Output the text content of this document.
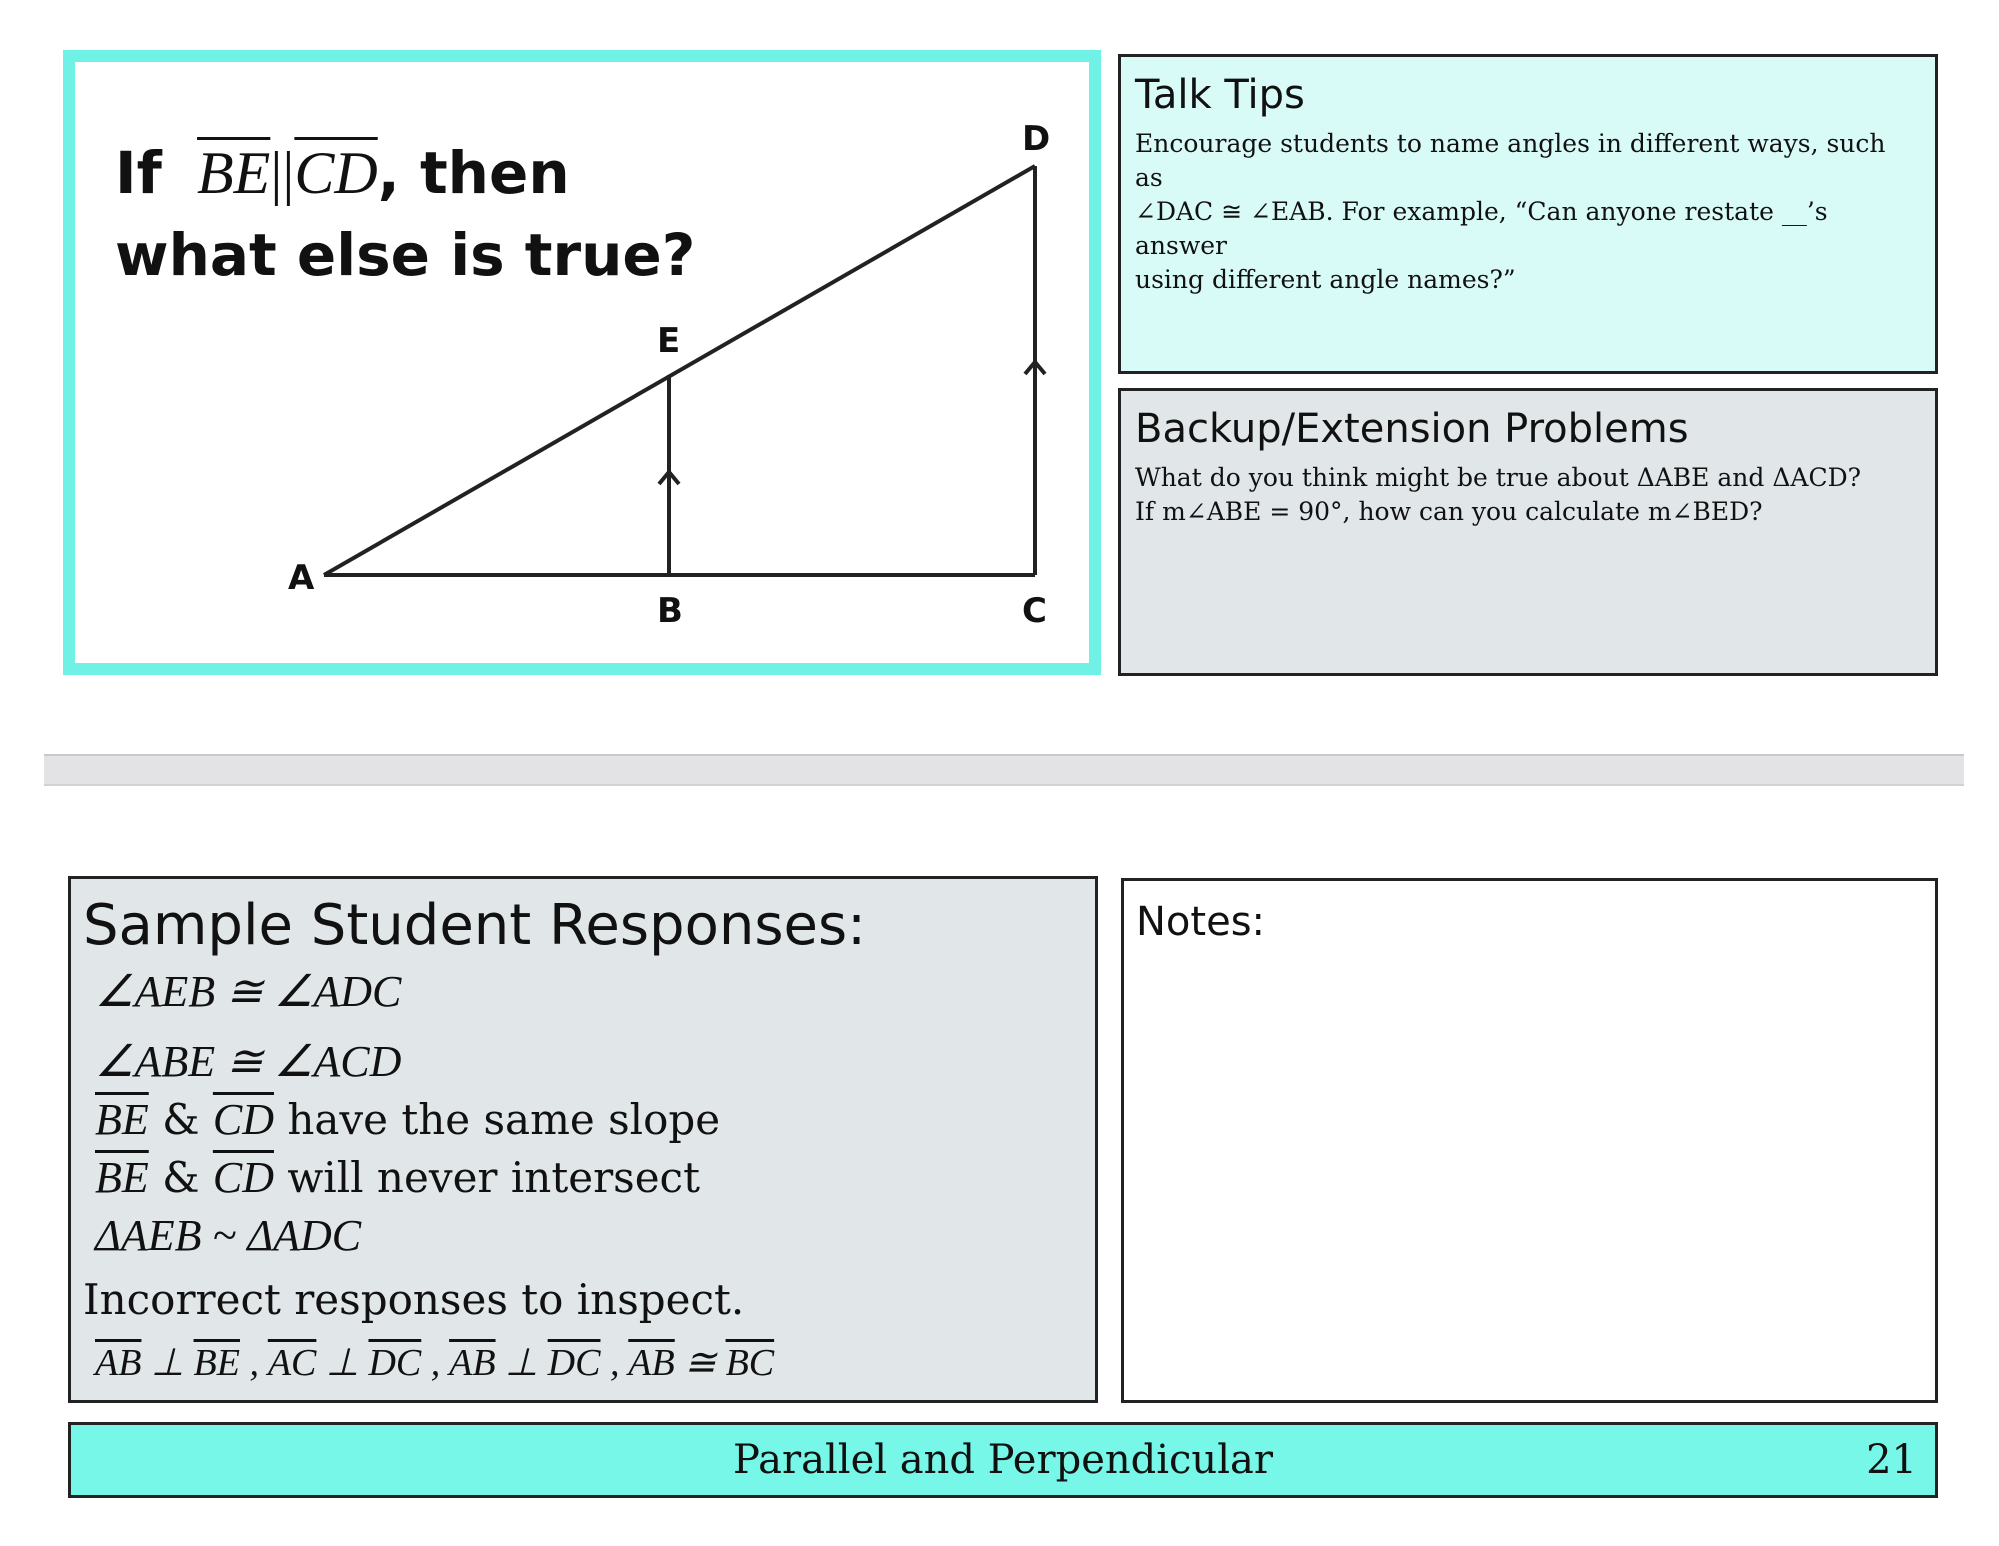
If $\overline{BE}||\overline{CD}$, then
what else is true?
A
B	C
D
E
Talk Tips
Encourage students to name angles in different ways, such as
∠DAC ≅ ∠EAB. For example, “Can anyone restate __’s answer
using different angle names?”
Backup/Extension Problems
What do you think might be true about ΔABE and ΔACD?
If m∠ABE = 90°, how can you calculate m∠BED?
Sample Student Responses:
∠AEB ≅ ∠ADC
∠ABE ≅ ∠ACD
$\overline{BE}$ & $\overline{CD}$ have the same slope
$\overline{BE}$ & $\overline{CD}$ will never intersect
ΔAEB ~ ΔADC
Incorrect responses to inspect.
$\overline{AB}$ ⊥ $\overline{BE}$ , $\overline{AC}$ ⊥ $\overline{DC}$ , $\overline{AB}$ ⊥ $\overline{DC}$ , $\overline{AB}$ ≅ $\overline{BC}$
Notes:
Parallel and Perpendicular	21
